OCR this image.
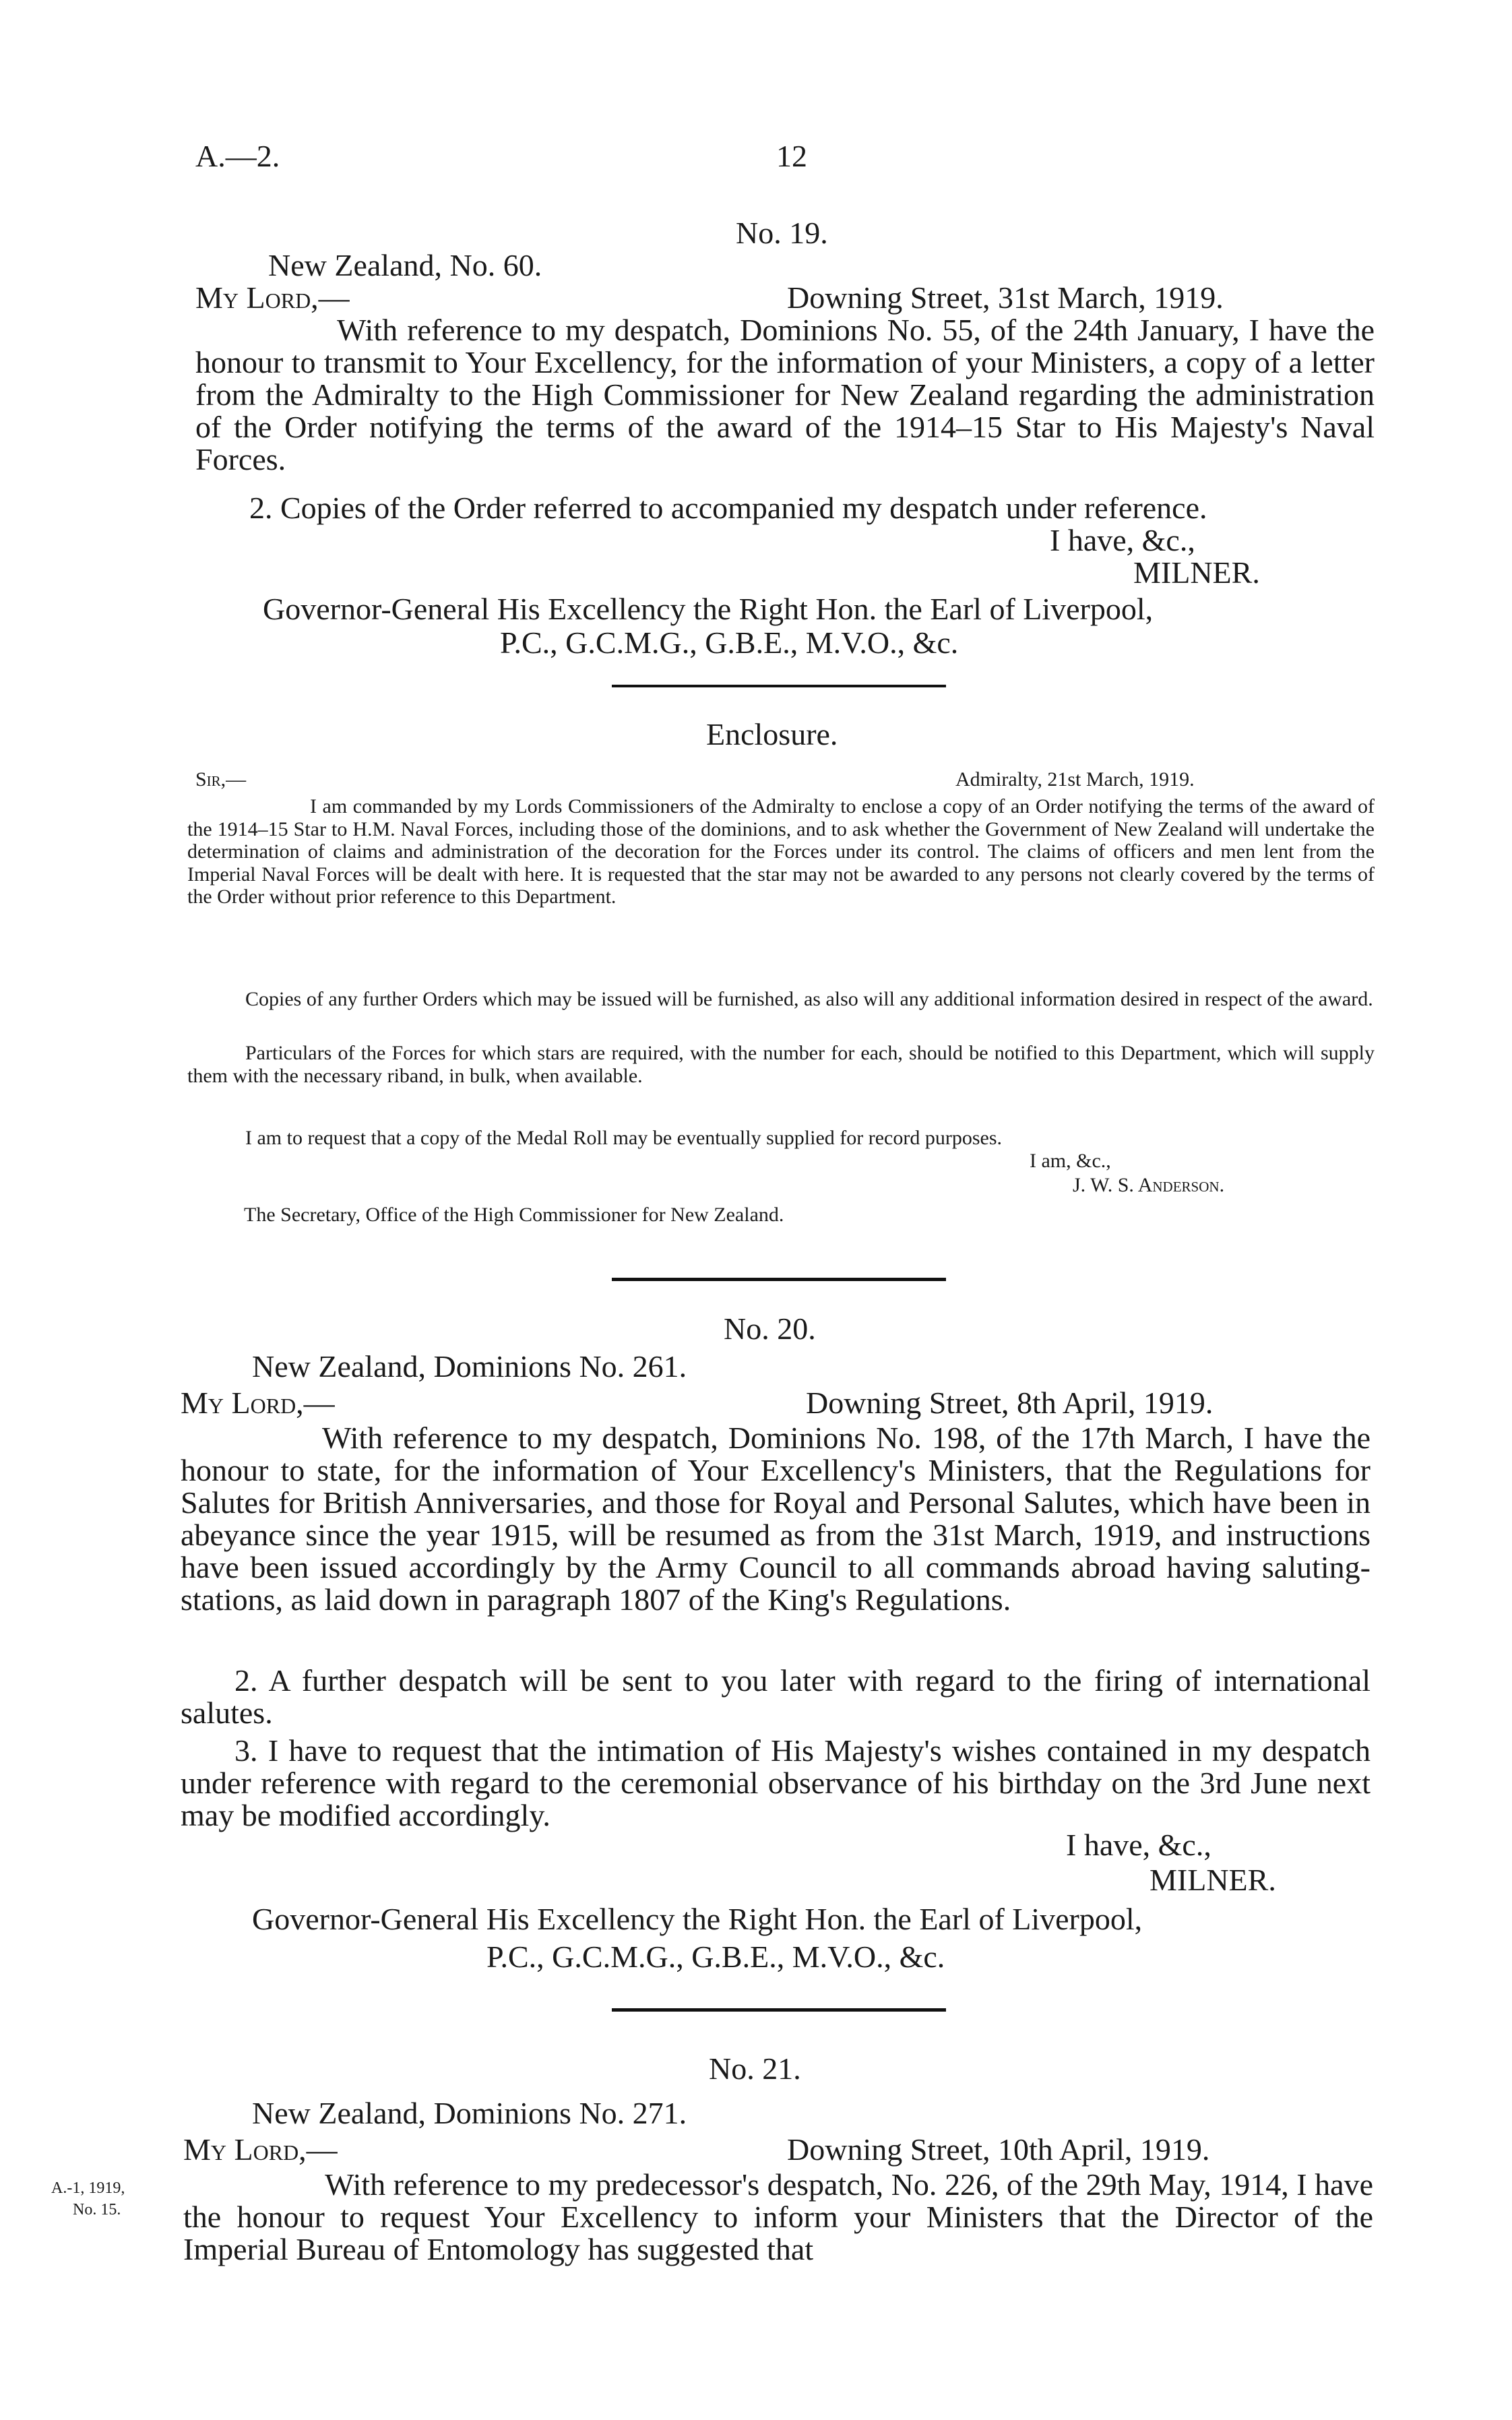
A.—2.	12
No. 19.
New Zealand, No. 60.
My Lord,—	Downing Street, 31st March, 1919.
With reference to my despatch, Dominions No. 55, of the 24th January, I have the honour to transmit to Your Excellency, for the information of your Ministers, a copy of a letter from the Admiralty to the High Commissioner for New Zealand regarding the administration of the Order notifying the terms of the award of the 1914–15 Star to His Majesty's Naval Forces.
2. Copies of the Order referred to accompanied my despatch under reference.
I have, &c.,
MILNER.
Governor-General His Excellency the Right Hon. the Earl of Liverpool,
P.C., G.C.M.G., G.B.E., M.V.O., &c.
Enclosure.
Sir,—	Admiralty, 21st March, 1919.
I am commanded by my Lords Commissioners of the Admiralty to enclose a copy of an Order notifying the terms of the award of the 1914–15 Star to H.M. Naval Forces, including those of the dominions, and to ask whether the Government of New Zealand will undertake the determination of claims and administration of the decoration for the Forces under its control. The claims of officers and men lent from the Imperial Naval Forces will be dealt with here. It is requested that the star may not be awarded to any persons not clearly covered by the terms of the Order without prior reference to this Department.
Copies of any further Orders which may be issued will be furnished, as also will any additional information desired in respect of the award.
Particulars of the Forces for which stars are required, with the number for each, should be notified to this Department, which will supply them with the necessary riband, in bulk, when available.
I am to request that a copy of the Medal Roll may be eventually supplied for record purposes.
I am, &c.,
J. W. S. Anderson.
The Secretary, Office of the High Commissioner for New Zealand.
No. 20.
New Zealand, Dominions No. 261.
My Lord,—	Downing Street, 8th April, 1919.
With reference to my despatch, Dominions No. 198, of the 17th March, I have the honour to state, for the information of Your Excellency's Ministers, that the Regulations for Salutes for British Anniversaries, and those for Royal and Personal Salutes, which have been in abeyance since the year 1915, will be resumed as from the 31st March, 1919, and instructions have been issued accordingly by the Army Council to all commands abroad having saluting-stations, as laid down in paragraph 1807 of the King's Regulations.
2. A further despatch will be sent to you later with regard to the firing of international salutes.
3. I have to request that the intimation of His Majesty's wishes contained in my despatch under reference with regard to the ceremonial observance of his birthday on the 3rd June next may be modified accordingly.
I have, &c.,
MILNER.
Governor-General His Excellency the Right Hon. the Earl of Liverpool,
P.C., G.C.M.G., G.B.E., M.V.O., &c.
No. 21.
New Zealand, Dominions No. 271.
My Lord,—	Downing Street, 10th April, 1919.
A.-1, 1919,
No. 15.
With reference to my predecessor's despatch, No. 226, of the 29th May, 1914, I have the honour to request Your Excellency to inform your Ministers that the Director of the Imperial Bureau of Entomology has suggested that
